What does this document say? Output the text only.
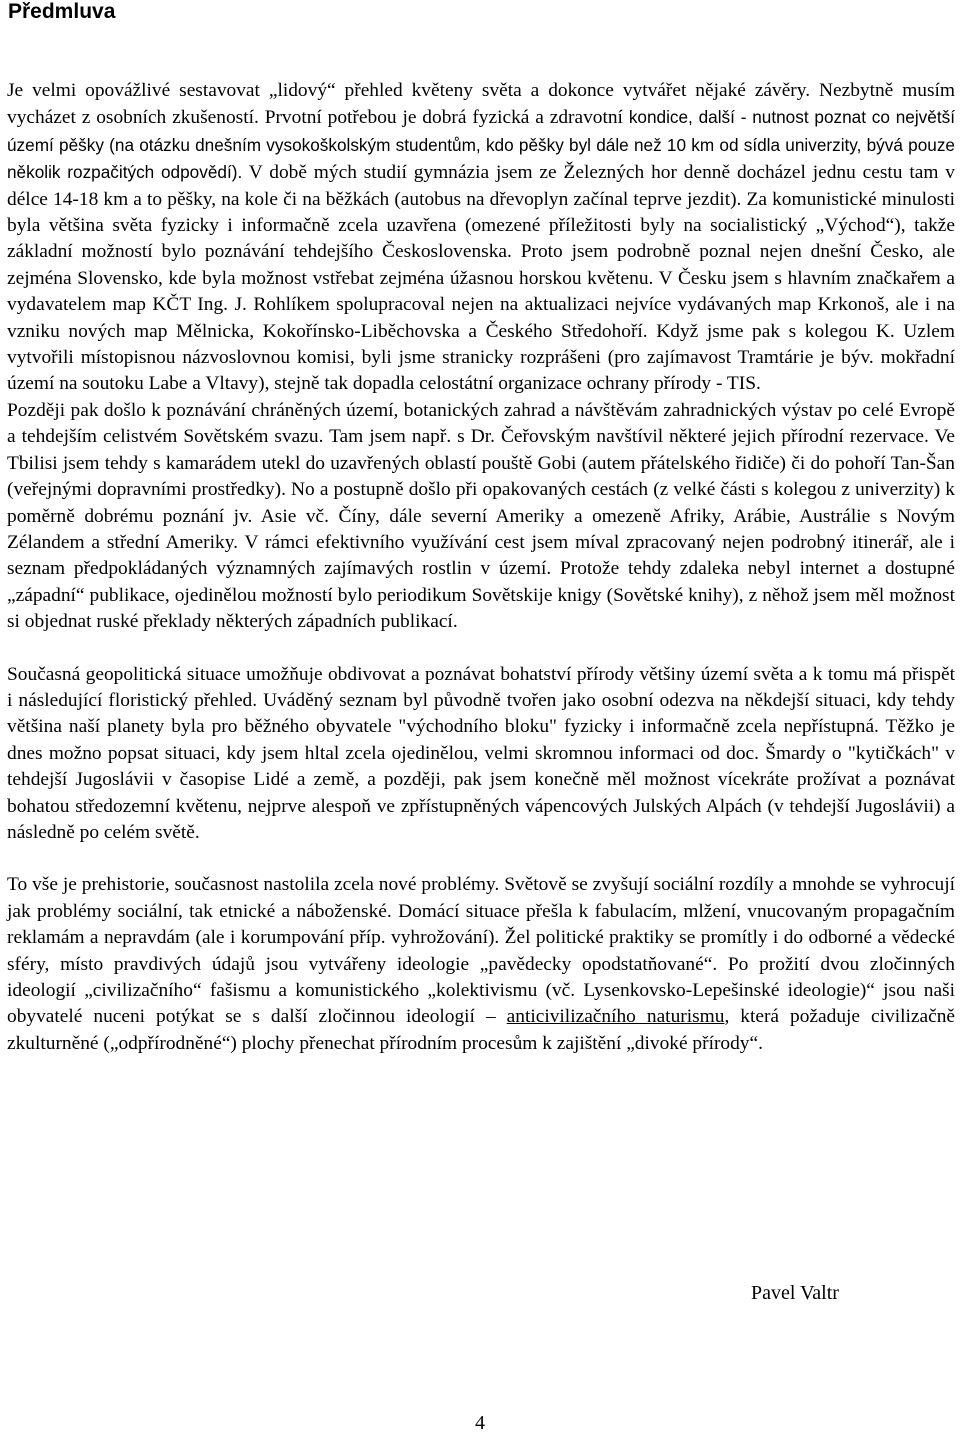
Předmluva

Je velmi opovážlivé sestavovat „lidový“ přehled květeny světa a dokonce vytvářet nějaké závěry. Nezbytně musím vycházet z osobních zkušeností. Prvotní potřebou je dobrá fyzická a zdravotní kondice, další - nutnost poznat co největší území pěšky (na otázku dnešním vysokoškolským studentům, kdo pěšky byl dále než 10 km od sídla univerzity, bývá pouze několik rozpačitých odpovědí). V době mých studií gymnázia jsem ze Železných hor denně docházel jednu cestu tam v délce 14-18 km a to pěšky, na kole či na běžkách (autobus na dřevoplyn začínal teprve jezdit). Za komunistické minulosti byla většina světa fyzicky i informačně zcela uzavřena (omezené příležitosti byly na socialistický „Východ“), takže základní možností bylo poznávání tehdejšího Československa. Proto jsem podrobně poznal nejen dnešní Česko, ale zejména Slovensko, kde byla možnost vstřebat zejména úžasnou horskou květenu. V Česku jsem s hlavním značkařem a vydavatelem map KČT Ing. J. Rohlíkem spolupracoval nejen na aktualizaci nejvíce vydávaných map Krkonoš, ale i na vzniku nových map Mělnicka, Kokořínsko-Liběchovska a Českého Středohoří. Když jsme pak s kolegou K. Uzlem vytvořili místopisnou názvoslovnou komisi, byli jsme stranicky rozprášeni (pro zajímavost Tramtárie je býv. mokřadní území na soutoku Labe a Vltavy), stejně tak dopadla celostátní organizace ochrany přírody - TIS.

Později pak došlo k poznávání chráněných území, botanických zahrad a návštěvám zahradnických výstav po celé Evropě a tehdejším celistvém Sovětském svazu. Tam jsem např. s Dr. Čeřovským navštívil některé jejich přírodní rezervace. Ve Tbilisi jsem tehdy s kamarádem utekl do uzavřených oblastí pouště Gobi (autem přátelského řidiče) či do pohoří Tan-Šan (veřejnými dopravními prostředky). No a postupně došlo při opakovaných cestách (z velké části s kolegou z univerzity) k poměrně dobrému poznání jv. Asie vč. Číny, dále severní Ameriky a omezeně Afriky, Arábie, Austrálie s Novým Zélandem a střední Ameriky. V rámci efektivního využívání cest jsem míval zpracovaný nejen podrobný itinerář, ale i seznam předpokládaných významných zajímavých rostlin v území. Protože tehdy zdaleka nebyl internet a dostupné „západní“ publikace, ojedinělou možností bylo periodikum Sovětskije knigy (Sovětské knihy), z něhož jsem měl možnost si objednat ruské překlady některých západních publikací.

Současná geopolitická situace umožňuje obdivovat a poznávat bohatství přírody většiny území světa a k tomu má přispět i následující floristický přehled. Uváděný seznam byl původně tvořen jako osobní odezva na někdejší situaci, kdy tehdy většina naší planety byla pro běžného obyvatele "východního bloku" fyzicky i informačně zcela nepřístupná. Těžko je dnes možno popsat situaci, kdy jsem hltal zcela ojedinělou, velmi skromnou informaci od doc. Šmardy o "kytičkách" v tehdejší Jugoslávii v časopise Lidé a země, a později, pak jsem konečně měl možnost vícekráte prožívat a poznávat bohatou středozemní květenu, nejprve alespoň ve zpřístupněných vápencových Julských Alpách (v tehdejší Jugoslávii) a následně po celém světě.

To vše je prehistorie, současnost nastolila zcela nové problémy. Světově se zvyšují sociální rozdíly a mnohde se vyhrocují jak problémy sociální, tak etnické a náboženské. Domácí situace přešla k fabulacím, mlžení, vnucovaným propagačním reklamám a nepravdám (ale i korumpování příp. vyhrožování). Žel politické praktiky se promítly i do odborné a vědecké sféry, místo pravdivých údajů jsou vytvářeny ideologie „pavědecky opodstatňované“. Po prožití dvou zločinných ideologií „civilizačního“ fašismu a komunistického „kolektivismu (vč. Lysenkovsko-Lepešinské ideologie)“ jsou naši obyvatelé nuceni potýkat se s další zločinnou ideologií – anticivilizačního naturismu, která požaduje civilizačně zkulturněné („odpřírodněné“) plochy přenechat přírodním procesům k zajištění „divoké přírody“.

Pavel Valtr
4
